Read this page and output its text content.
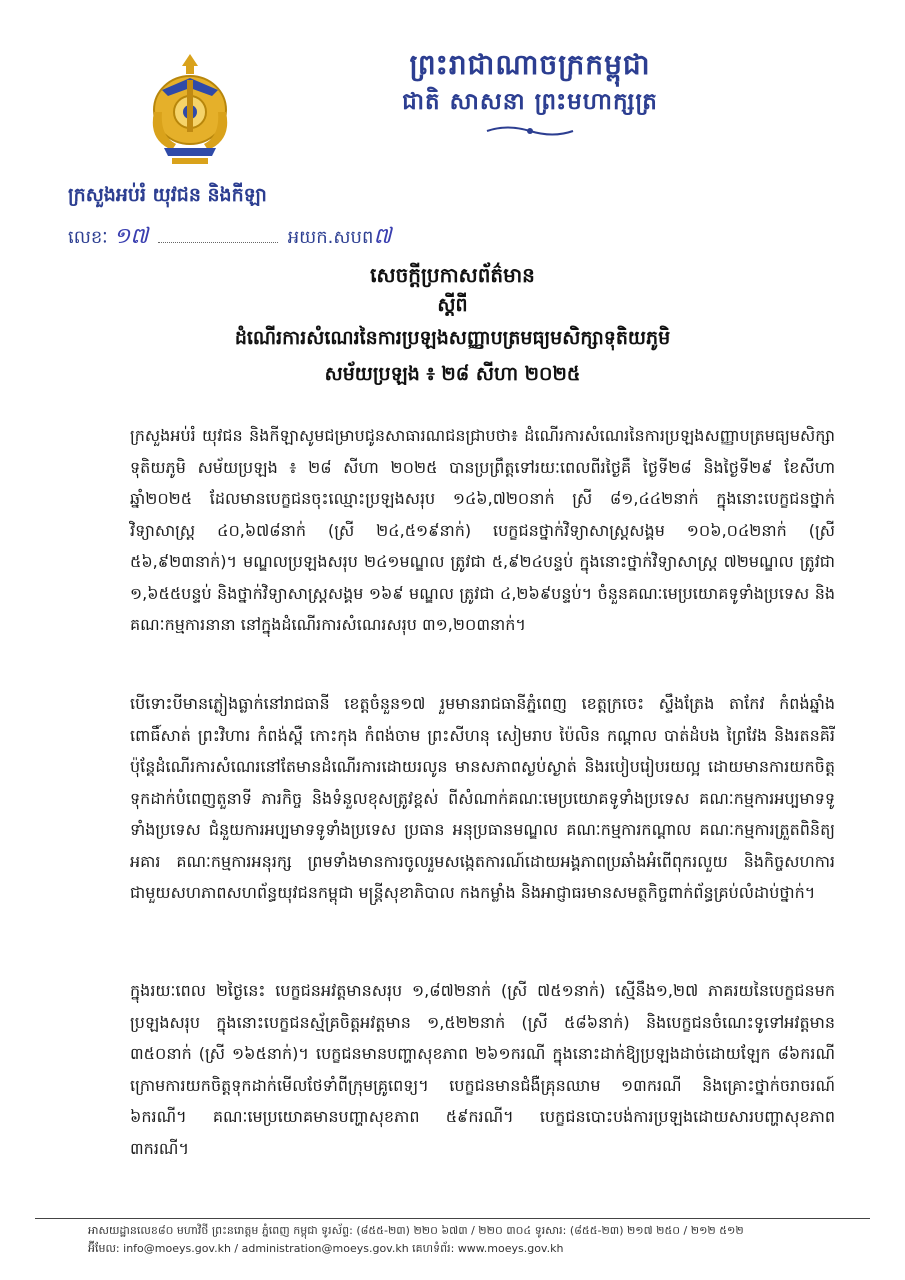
ព្រះរាជាណាចក្រកម្ពុជា
ជាតិ សាសនា ព្រះមហាក្សត្រ
ក្រសួងអប់រំ យុវជន និងកីឡា
លេខៈ ១៧	អយក.សបព៧
សេចក្តីប្រកាសព័ត៌មាន
ស្តីពី
ដំណើរការសំណេរនៃការប្រឡងសញ្ញាបត្រមធ្យមសិក្សាទុតិយភូមិ
សម័យប្រឡង ៖ ២៨ សីហា ២០២៥
ក្រសួងអប់រំ យុវជន និងកីឡាសូមជម្រាបជូនសាធារណជនជ្រាបថា៖ ដំណើរការសំណេរនៃការប្រឡងសញ្ញាបត្រមធ្យមសិក្សាទុតិយភូមិ សម័យប្រឡង ៖ ២៨ សីហា ២០២៥ បានប្រព្រឹត្តទៅរយៈពេលពីរថ្ងៃគឺ ថ្ងៃទី២៨ និងថ្ងៃទី២៩ ខែសីហា ឆ្នាំ២០២៥ ដែលមានបេក្ខជនចុះឈ្មោះប្រឡងសរុប ១៤៦,៧២០នាក់ ស្រី ៨១,៤៤២នាក់ ក្នុងនោះបេក្ខជនថ្នាក់វិទ្យាសាស្ត្រ ៤០,៦៧៨នាក់ (ស្រី ២៤,៥១៩នាក់) បេក្ខជនថ្នាក់វិទ្យាសាស្ត្រសង្គម ១០៦,០៤២នាក់ (ស្រី ៥៦,៩២៣នាក់)។ មណ្ឌលប្រឡងសរុប ២៤១មណ្ឌល ត្រូវជា ៥,៩២៤បន្ទប់ ក្នុងនោះថ្នាក់វិទ្យាសាស្ត្រ ៧២មណ្ឌល ត្រូវជា ១,៦៥៥បន្ទប់ និងថ្នាក់វិទ្យាសាស្ត្រសង្គម ១៦៩ មណ្ឌល ត្រូវជា ៤,២៦៩បន្ទប់។ ចំនួនគណៈមេប្រយោគទូទាំងប្រទេស និងគណៈកម្មការនានា នៅក្នុងដំណើរការសំណេរសរុប ៣១,២០៣នាក់។
បើទោះបីមានភ្លៀងធ្លាក់នៅរាជធានី ខេត្តចំនួន១៧ រួមមានរាជធានីភ្នំពេញ ខេត្តក្រចេះ ស្ទឹងត្រែង តាកែវ កំពង់ឆ្នាំង ពោធិ៍សាត់ ព្រះវិហារ កំពង់ស្ពឺ កោះកុង កំពង់ចាម ព្រះសីហនុ សៀមរាប ប៉ៃលិន កណ្តាល បាត់ដំបង ព្រៃវែង និងរតនគិរី ប៉ុន្តែដំណើរការសំណេរនៅតែមានដំណើរការដោយរលូន មានសភាពស្ងប់ស្ងាត់ និងរបៀបរៀបរយល្អ ដោយមានការយកចិត្តទុកដាក់បំពេញតួនាទី ភារកិច្ច និងទំនួលខុសត្រូវខ្ពស់ ពីសំណាក់គណៈមេប្រយោគទូទាំងប្រទេស គណៈកម្មការអប្បមាទទូទាំងប្រទេស ជំនួយការអប្បមាទទូទាំងប្រទេស ប្រធាន អនុប្រធានមណ្ឌល គណៈកម្មការកណ្តាល គណៈកម្មការត្រួតពិនិត្យអគារ គណៈកម្មការអនុរក្ស ព្រមទាំងមានការចូលរួមសង្កេតការណ៍ដោយអង្គភាពប្រឆាំងអំពើពុករលួយ និងកិច្ចសហការជាមួយសហភាពសហព័ន្ធយុវជនកម្ពុជា មន្ត្រីសុខាភិបាល កងកម្លាំង និងអាជ្ញាធរមានសមត្ថកិច្ចពាក់ព័ន្ធគ្រប់លំដាប់ថ្នាក់។
ក្នុងរយៈពេល ២ថ្ងៃនេះ បេក្ខជនអវត្តមានសរុប ១,៨៧២នាក់ (ស្រី ៧៥១នាក់) ស្មើនឹង១,២៧ ភាគរយនៃបេក្ខជនមកប្រឡងសរុប ក្នុងនោះបេក្ខជនស្ម័គ្រចិត្តអវត្តមាន ១,៥២២នាក់ (ស្រី ៥៨៦នាក់) និងបេក្ខជនចំណេះទូទៅអវត្តមាន ៣៥០នាក់ (ស្រី ១៦៥នាក់)។ បេក្ខជនមានបញ្ហាសុខភាព ២៦១ករណី ក្នុងនោះដាក់ឱ្យប្រឡងដាច់ដោយឡែក ៨៦ករណី ក្រោមការយកចិត្តទុកដាក់មើលថែទាំពីក្រុមគ្រូពេទ្យ។ បេក្ខជនមានជំងឺគ្រុនឈាម ១៣ករណី និងគ្រោះថ្នាក់ចរាចរណ៍ ៦ករណី។ គណៈមេប្រយោគមានបញ្ហាសុខភាព ៥៩ករណី។ បេក្ខជនបោះបង់ការប្រឡងដោយសារបញ្ហាសុខភាព ៣ករណី។
អាសយដ្ឋានលេខ៨០ មហាវិថី ព្រះនរោត្តម ភ្នំពេញ កម្ពុជា ទូរស័ព្ទ: (៨៥៥-២៣) ២២០ ៦៧៣ / ២២០ ៣០៤ ទូរសារ: (៨៥៥-២៣) ២១៧ ២៥០ / ២១២ ៥១២
អ៊ីមែល: info@moeys.gov.kh / administration@moeys.gov.kh គេហទំព័រ: www.moeys.gov.kh
